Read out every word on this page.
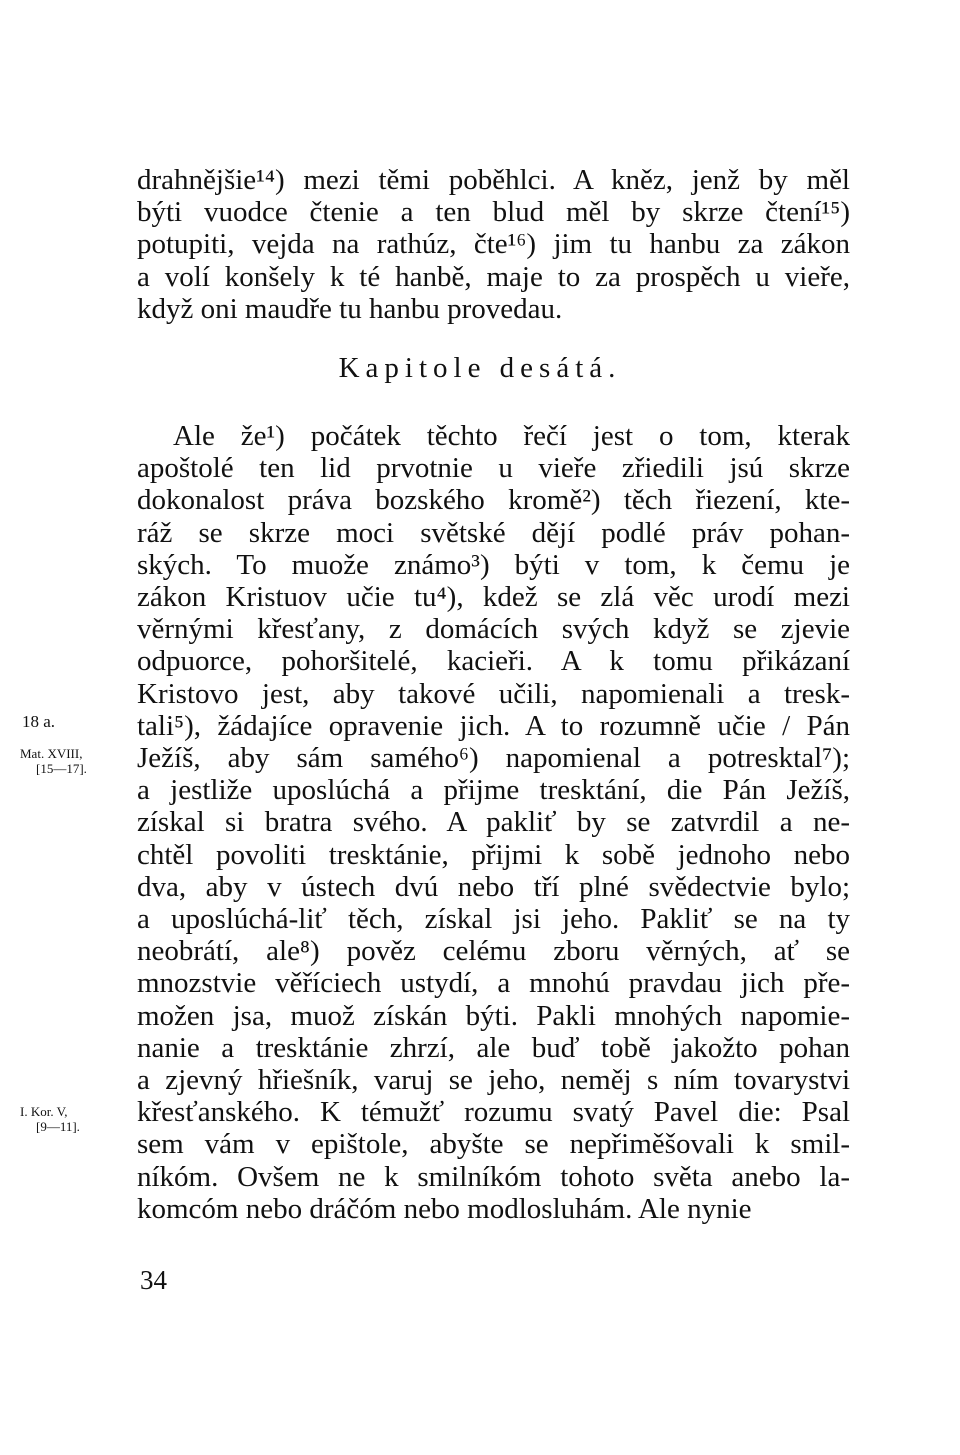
drahnějšie¹⁴) mezi těmi poběhlci. A kněz, jenž by měl
býti vuodce čtenie a ten blud měl by skrze čtení¹⁵)
potupiti, vejda na rathúz, čte¹⁶) jim tu hanbu za zákon
a volí konšely k té hanbě, maje to za prospěch u vieře,
když oni maudře tu hanbu provedau.
Kapitole desátá.
Ale že¹) počátek těchto řečí jest o tom, kterak
apoštolé ten lid prvotnie u vieře zřiedili jsú skrze
dokonalost práva bozského kromě²) těch řiezení, kte-
ráž se skrze moci světské dějí podlé práv pohan-
ských. To muože známo³) býti v tom, k čemu je
zákon Kristuov učie tu⁴), kdež se zlá věc urodí mezi
věrnými křesťany, z domácích svých když se zjevie
odpuorce, pohoršitelé, kacieři. A k tomu přikázaní
Kristovo jest, aby takové učili, napomienali a tresk-
tali⁵), žádajíce opravenie jich. A to rozumně učie / Pán
Ježíš, aby sám samého⁶) napomienal a potresktal⁷);
a jestliže uposlúchá a přijme tresktání, die Pán Ježíš,
získal si bratra svého. A pakliť by se zatvrdil a ne-
chtěl povoliti tresktánie, přijmi k sobě jednoho nebo
dva, aby v ústech dvú nebo tří plné svědectvie bylo;
a uposlúchá-liť těch, získal jsi jeho. Pakliť se na ty
neobrátí, ale⁸) pověz celému zboru věrných, ať se
mnozstvie věříciech ustydí, a mnohú pravdau jich pře-
možen jsa, muož získán býti. Pakli mnohých napomie-
nanie a tresktánie zhrzí, ale buď tobě jakožto pohan
a zjevný hřiešník, varuj se jeho, neměj s ním tovarystvi
křesťanského. K témužť rozumu svatý Pavel die: Psal
sem vám v epištole, abyšte se nepřiměšovali k smil-
níkóm. Ovšem ne k smilníkóm tohoto světa anebo la-
komcóm nebo dráčóm nebo modlosluhám. Ale nynie
18 a.
Mat. XVIII,
[15—17].
I. Kor. V,
[9—11].
34
